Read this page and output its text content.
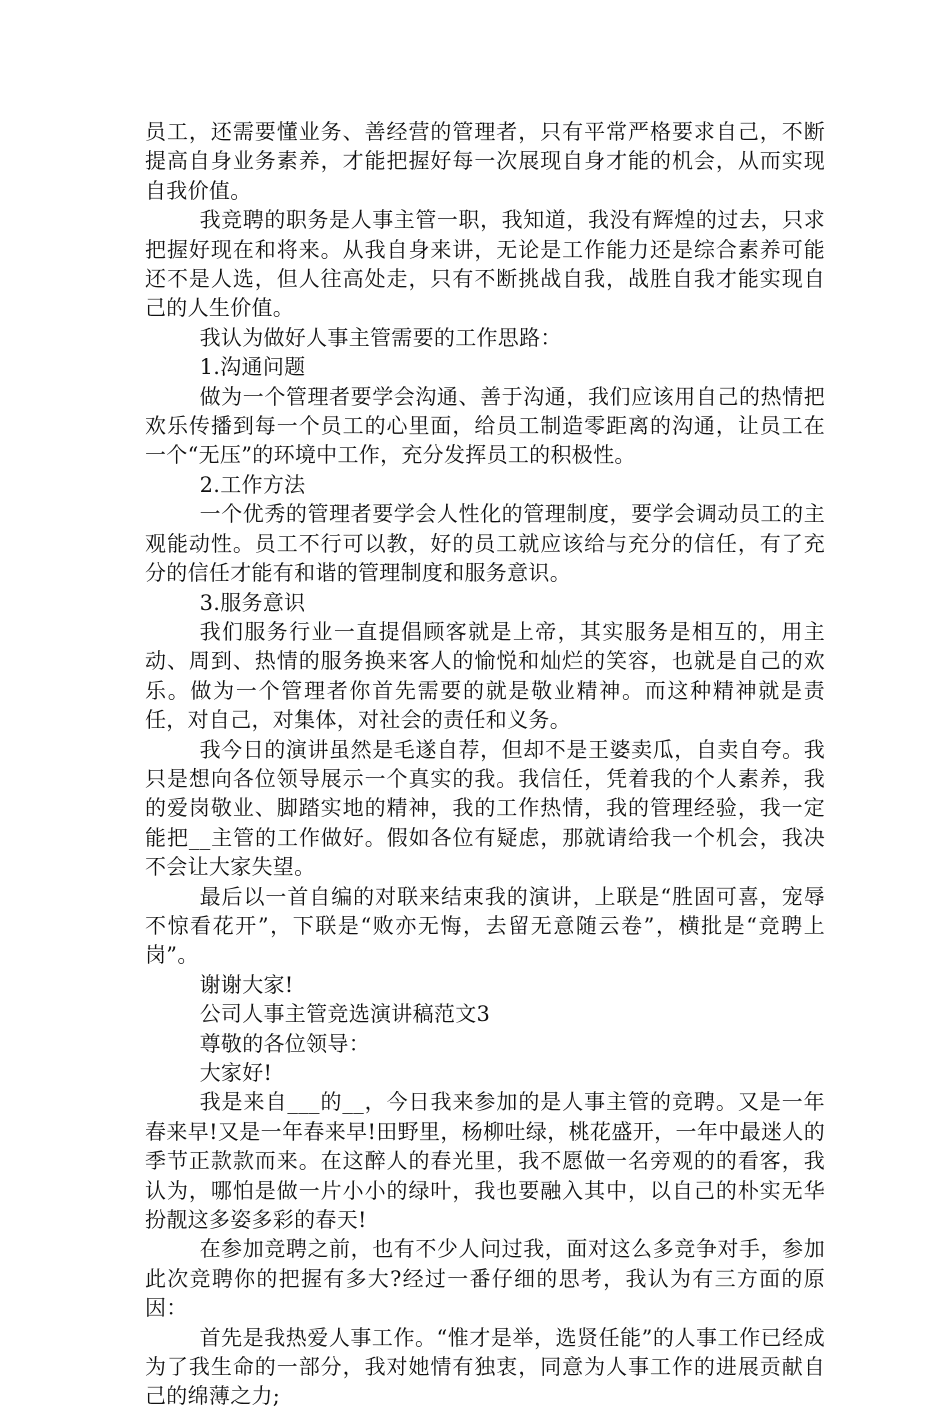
员工，还需要懂业务、善经营的管理者，只有平常严格要求自己，不断提高自身业务素养，才能把握好每一次展现自身才能的机会，从而实现自我价值。

我竞聘的职务是人事主管一职，我知道，我没有辉煌的过去，只求把握好现在和将来。从我自身来讲，无论是工作能力还是综合素养可能还不是人选，但人往高处走，只有不断挑战自我，战胜自我才能实现自己的人生价值。

我认为做好人事主管需要的工作思路：

1.沟通问题

做为一个管理者要学会沟通、善于沟通，我们应该用自己的热情把欢乐传播到每一个员工的心里面，给员工制造零距离的沟通，让员工在一个“无压”的环境中工作，充分发挥员工的积极性。

2.工作方法

一个优秀的管理者要学会人性化的管理制度，要学会调动员工的主观能动性。员工不行可以教，好的员工就应该给与充分的信任，有了充分的信任才能有和谐的管理制度和服务意识。

3.服务意识

我们服务行业一直提倡顾客就是上帝，其实服务是相互的，用主动、周到、热情的服务换来客人的愉悦和灿烂的笑容，也就是自己的欢乐。做为一个管理者你首先需要的就是敬业精神。而这种精神就是责任，对自己，对集体，对社会的责任和义务。

我今日的演讲虽然是毛遂自荐，但却不是王婆卖瓜，自卖自夸。我只是想向各位领导展示一个真实的我。我信任，凭着我的个人素养，我的爱岗敬业、脚踏实地的精神，我的工作热情，我的管理经验，我一定能把__主管的工作做好。假如各位有疑虑，那就请给我一个机会，我决不会让大家失望。

最后以一首自编的对联来结束我的演讲，上联是“胜固可喜，宠辱不惊看花开”，下联是“败亦无悔，去留无意随云卷”，横批是“竞聘上岗”。

谢谢大家!

公司人事主管竞选演讲稿范文3

尊敬的各位领导：

大家好!

我是来自___的__，今日我来参加的是人事主管的竞聘。又是一年春来早!又是一年春来早!田野里，杨柳吐绿，桃花盛开，一年中最迷人的季节正款款而来。在这醉人的春光里，我不愿做一名旁观的的看客，我认为，哪怕是做一片小小的绿叶，我也要融入其中，以自己的朴实无华扮靓这多姿多彩的春天!

在参加竞聘之前，也有不少人问过我，面对这么多竞争对手，参加此次竞聘你的把握有多大?经过一番仔细的思考，我认为有三方面的原因：

首先是我热爱人事工作。“惟才是举，选贤任能”的人事工作已经成为了我生命的一部分，我对她情有独衷，同意为人事工作的进展贡献自己的绵薄之力;
